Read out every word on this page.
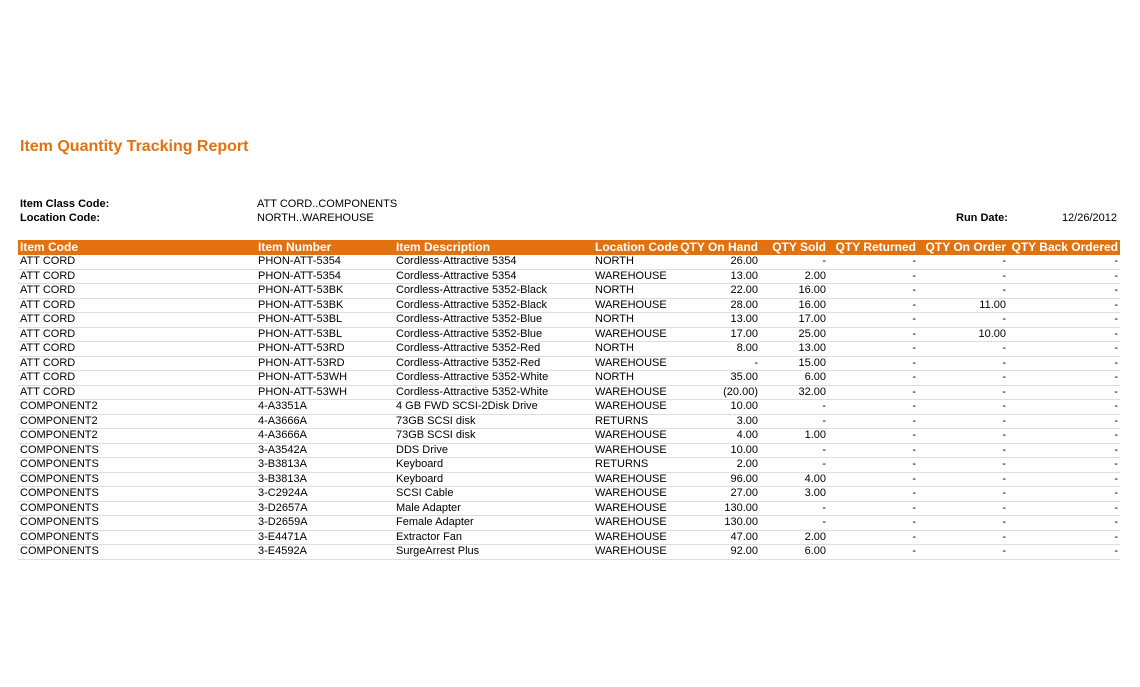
Item Quantity Tracking Report
Item Class Code:	ATT CORD..COMPONENTS
Location Code:	NORTH..WAREHOUSE	Run Date:	12/26/2012
Item Code	Item Number	Item Description	Location Code	QTY On Hand	QTY Sold	QTY Returned	QTY On Order	QTY Back Ordered
ATT CORD	PHON-ATT-5354	Cordless-Attractive 5354	NORTH	26.00	-	-	-	-
ATT CORD	PHON-ATT-5354	Cordless-Attractive 5354	WAREHOUSE	13.00	2.00	-	-	-
ATT CORD	PHON-ATT-53BK	Cordless-Attractive 5352-Black	NORTH	22.00	16.00	-	-	-
ATT CORD	PHON-ATT-53BK	Cordless-Attractive 5352-Black	WAREHOUSE	28.00	16.00	-	11.00	-
ATT CORD	PHON-ATT-53BL	Cordless-Attractive 5352-Blue	NORTH	13.00	17.00	-	-	-
ATT CORD	PHON-ATT-53BL	Cordless-Attractive 5352-Blue	WAREHOUSE	17.00	25.00	-	10.00	-
ATT CORD	PHON-ATT-53RD	Cordless-Attractive 5352-Red	NORTH	8.00	13.00	-	-	-
ATT CORD	PHON-ATT-53RD	Cordless-Attractive 5352-Red	WAREHOUSE	-	15.00	-	-	-
ATT CORD	PHON-ATT-53WH	Cordless-Attractive 5352-White	NORTH	35.00	6.00	-	-	-
ATT CORD	PHON-ATT-53WH	Cordless-Attractive 5352-White	WAREHOUSE	(20.00)	32.00	-	-	-
COMPONENT2	4-A3351A	4 GB FWD SCSI-2Disk Drive	WAREHOUSE	10.00	-	-	-	-
COMPONENT2	4-A3666A	73GB SCSI disk	RETURNS	3.00	-	-	-	-
COMPONENT2	4-A3666A	73GB SCSI disk	WAREHOUSE	4.00	1.00	-	-	-
COMPONENTS	3-A3542A	DDS Drive	WAREHOUSE	10.00	-	-	-	-
COMPONENTS	3-B3813A	Keyboard	RETURNS	2.00	-	-	-	-
COMPONENTS	3-B3813A	Keyboard	WAREHOUSE	96.00	4.00	-	-	-
COMPONENTS	3-C2924A	SCSI Cable	WAREHOUSE	27.00	3.00	-	-	-
COMPONENTS	3-D2657A	Male Adapter	WAREHOUSE	130.00	-	-	-	-
COMPONENTS	3-D2659A	Female Adapter	WAREHOUSE	130.00	-	-	-	-
COMPONENTS	3-E4471A	Extractor Fan	WAREHOUSE	47.00	2.00	-	-	-
COMPONENTS	3-E4592A	SurgeArrest Plus	WAREHOUSE	92.00	6.00	-	-	-
